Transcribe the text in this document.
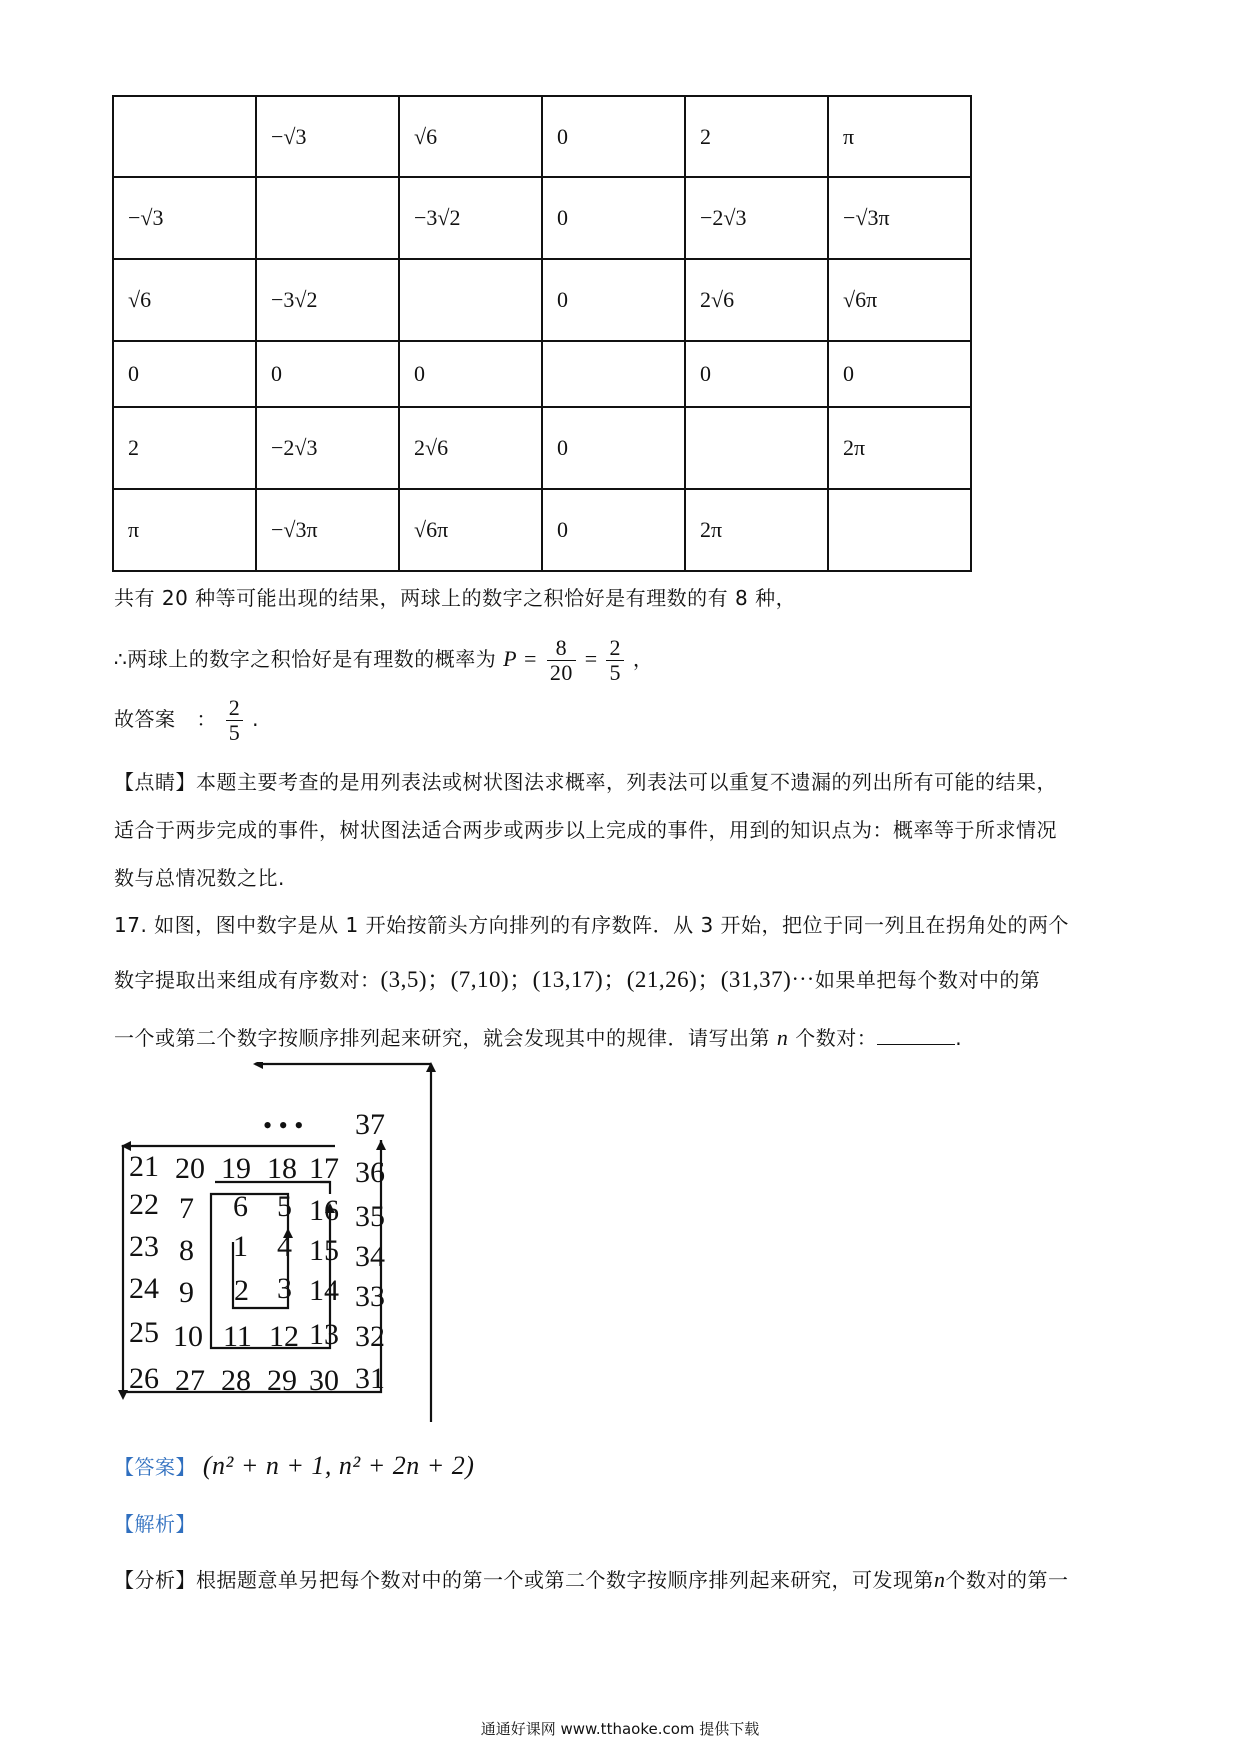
	−√3	√6	0	2	π
−√3		−3√2	0	−2√3	−√3π
√6	−3√2		0	2√6	√6π
0	0	0		0	0
2	−2√3	2√6	0		2π
π	−√3π	√6π	0	2π	
共有 20 种等可能出现的结果，两球上的数字之积恰好是有理数的有 8 种，
∴两球上的数字之积恰好是有理数的概率为 $P = \frac{8}{20} = \frac{2}{5}$ ，
故答案 ： $\frac{2}{5}$ .
【点睛】本题主要考查的是用列表法或树状图法求概率，列表法可以重复不遗漏的列出所有可能的结果，
适合于两步完成的事件，树状图法适合两步或两步以上完成的事件，用到的知识点为：概率等于所求情况
数与总情况数之比.
17. 如图，图中数字是从 1 开始按箭头方向排列的有序数阵．从 3 开始，把位于同一列且在拐角处的两个
数字提取出来组成有序数对：(3,5)；(7,10)；(13,17)；(21,26)；(31,37)⋯如果单把每个数对中的第
一个或第二个数字按顺序排列起来研究，就会发现其中的规律．请写出第 n 个数对：	.
1
2 3
4
5
6
7
8
9
10 11 12 13
14
15
16
17
18
19
20
21
22
23
24
25
26 27 28 29 30 31
32
33
34
35
36
37
• • •
【答案】 (n² + n + 1, n² + 2n + 2)
【解析】
【分析】根据题意单另把每个数对中的第一个或第二个数字按顺序排列起来研究，可发现第n个数对的第一
通通好课网 www.tthaoke.com 提供下载
